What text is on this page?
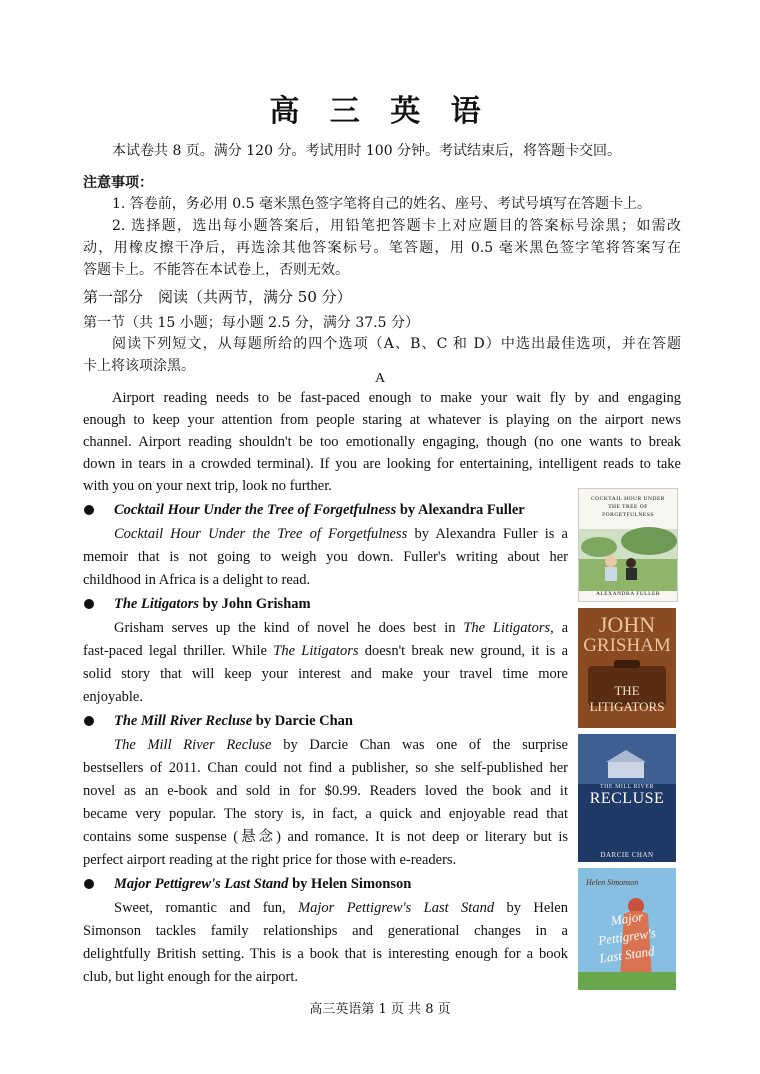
高 三 英 语
本试卷共 8 页。满分 120 分。考试用时 100 分钟。考试结束后，将答题卡交回。
注意事项：
1. 答卷前，务必用 0.5 毫米黑色签字笔将自己的姓名、座号、考试号填写在答题卡上。
2. 选择题，选出每小题答案后，用铅笔把答题卡上对应题目的答案标号涂黑；如需改
动，用橡皮擦干净后，再选涂其他答案标号。笔答题，用 0.5 毫米黑色签字笔将答案写在
答题卡上。不能答在本试卷上，否则无效。
第一部分　阅读（共两节，满分 50 分）
第一节（共 15 小题；每小题 2.5 分，满分 37.5 分）
阅读下列短文，从每题所给的四个选项（A、B、C 和 D）中选出最佳选项，并在答题
卡上将该项涂黑。
A
Airport reading needs to be fast-paced enough to make your wait fly by and engaging
enough to keep your attention from people staring at whatever is playing on the airport news
channel. Airport reading shouldn't be too emotionally engaging, though (no one wants to break
down in tears in a crowded terminal). If you are looking for entertaining, intelligent reads to take
with you on your next trip, look no further.
Cocktail Hour Under the Tree of Forgetfulness by Alexandra Fuller
Cocktail Hour Under the Tree of Forgetfulness by Alexandra Fuller is a
memoir that is not going to weigh you down. Fuller's writing about her
childhood in Africa is a delight to read.
COCKTAIL HOUR UNDER THE TREE OF FORGETFULNESS
ALEXANDRA FULLER
The Litigators by John Grisham
Grisham serves up the kind of novel he does best in The Litigators, a
fast-paced legal thriller. While The Litigators doesn't break new ground, it is a
solid story that will keep your interest and make your travel time more
enjoyable.
JOHN
GRISHAM
THE
LITIGATORS
The Mill River Recluse by Darcie Chan
The Mill River Recluse by Darcie Chan was one of the surprise
bestsellers of 2011. Chan could not find a publisher, so she self-published her
novel as an e-book and sold in for $0.99. Readers loved the book and it
became very popular. The story is, in fact, a quick and enjoyable read that
contains some suspense (悬念) and romance. It is not deep or literary but is
perfect airport reading at the right price for those with e-readers.
THE MILL RIVER
RECLUSE
DARCIE CHAN
Major Pettigrew's Last Stand by Helen Simonson
Sweet, romantic and fun, Major Pettigrew's Last Stand by Helen
Simonson tackles family relationships and generational changes in a
delightfully British setting. This is a book that is interesting enough for a book
club, but light enough for the airport.
Helen Simonson
Major
Pettigrew's
Last Stand
高三英语第 1 页 共 8 页
